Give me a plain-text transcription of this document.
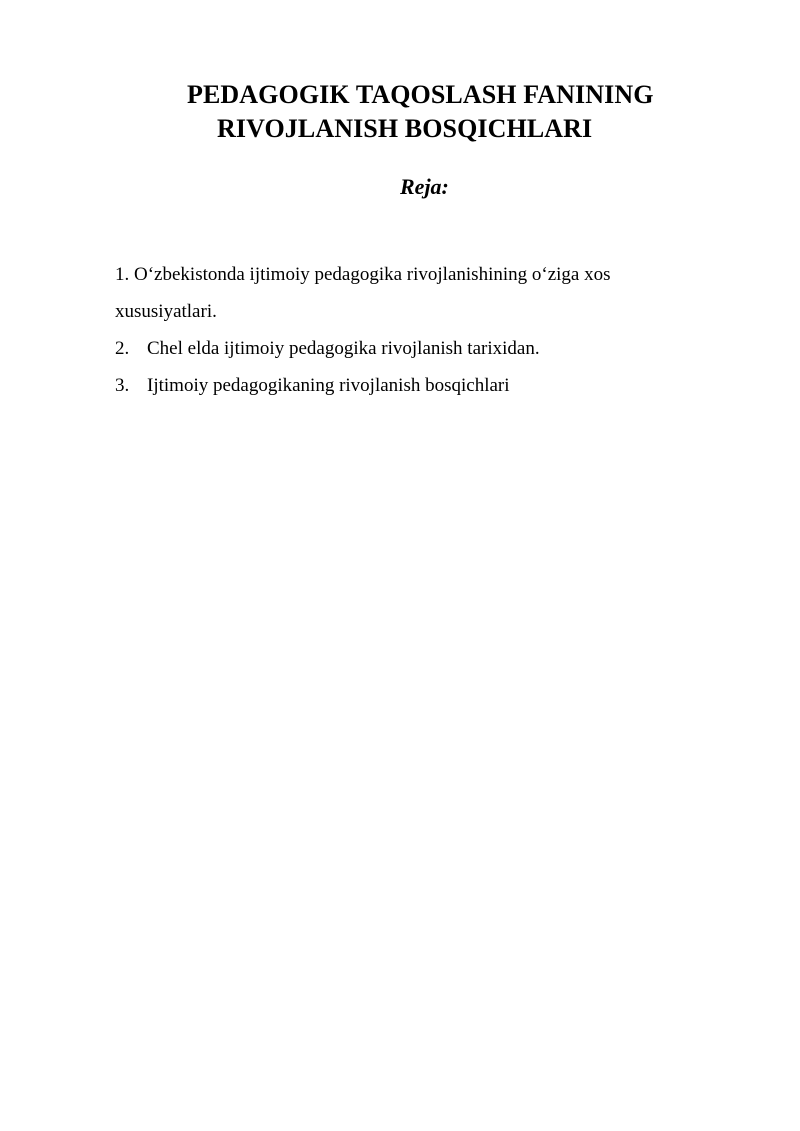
PEDAGOGIK TAQOSLASH FANINING
RIVOJLANISH BOSQICHLARI
Reja:
1. O‘zbekistonda ijtimoiy pedagogika rivojlanishining o‘ziga xos
xususiyatlari.
2. Chel elda ijtimoiy pedagogika rivojlanish tarixidan.
3. Ijtimoiy pedagogikaning rivojlanish bosqichlari
